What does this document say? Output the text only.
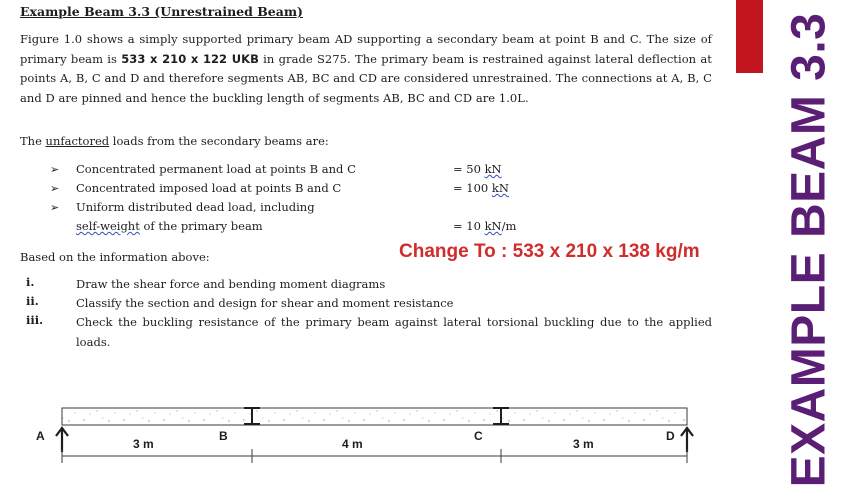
Example Beam 3.3 (Unrestrained Beam)

Figure 1.0 shows a simply supported primary beam AD supporting a secondary beam at point B and C. The size of primary beam is 533 x 210 x 122 UKB in grade S275. The primary beam is restrained against lateral deflection at points A, B, C and D and therefore segments AB, BC and CD are considered unrestrained. The connections at A, B, C and D are pinned and hence the buckling length of segments AB, BC and CD are 1.0L.

The unfactored loads from the secondary beams are:

➢ Concentrated permanent load at points B and C	= 50 kN
➢ Concentrated imposed load at points B and C	= 100 kN
➢ Uniform distributed dead load, including
self-weight of the primary beam	= 10 kN/m

Based on the information above:	Change To : 533 x 210 x 138 kg/m
i.	Draw the shear force and bending moment diagrams
ii.	Classify the section and design for shear and moment resistance
iii.	Check the buckling resistance of the primary beam against lateral torsional buckling due to the applied loads.
A	B	C	D
3 m	4 m	3 m	EXAMPLE BEAM 3.3
